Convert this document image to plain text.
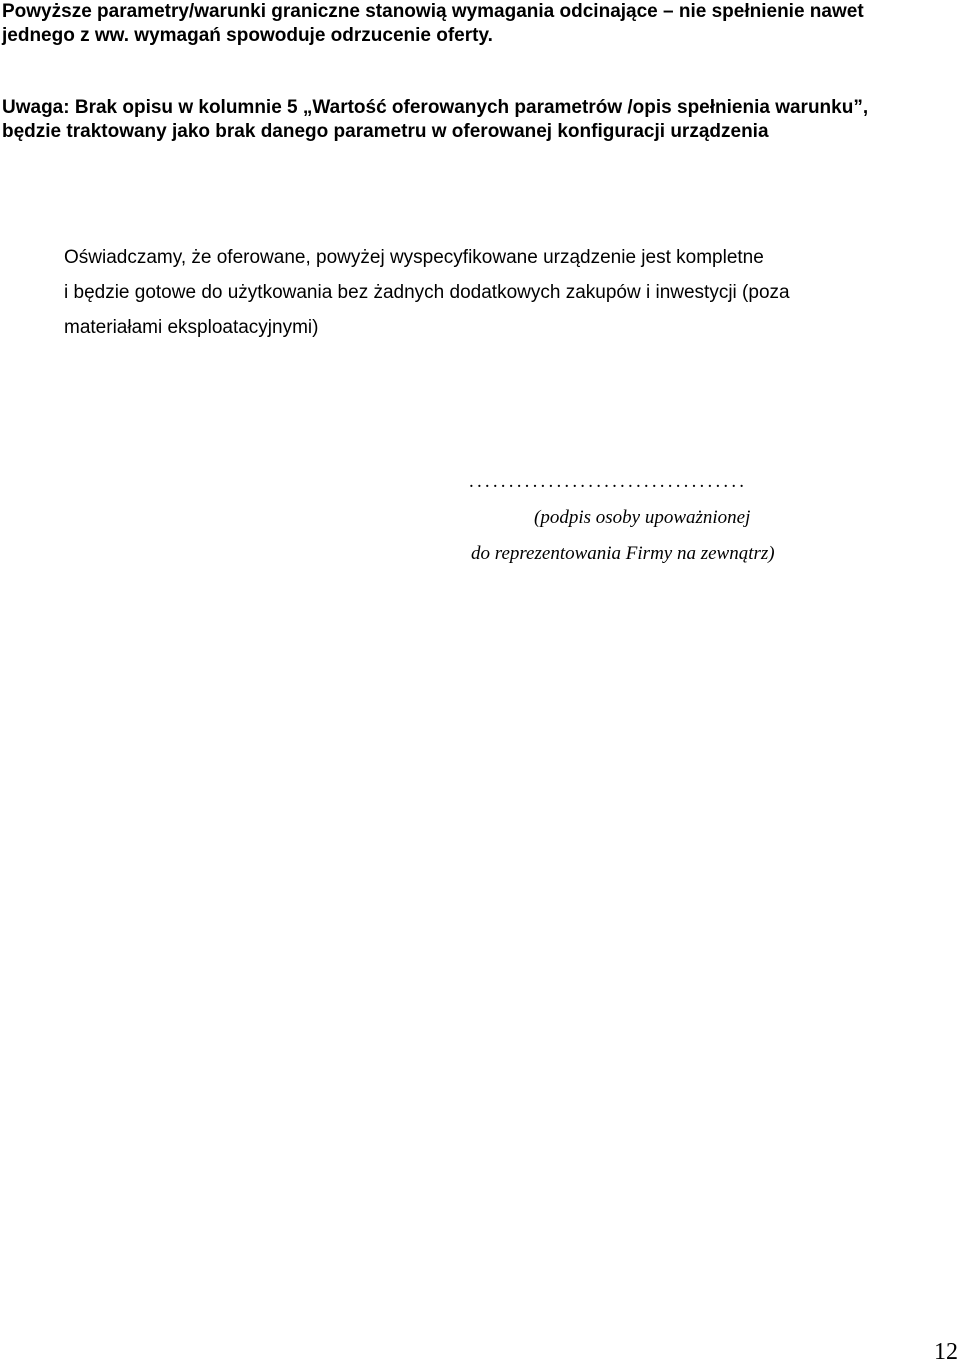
Powyższe parametry/warunki graniczne stanowią wymagania odcinające – nie spełnienie nawet
jednego z ww. wymagań spowoduje odrzucenie oferty.
Uwaga: Brak opisu w kolumnie 5 „Wartość oferowanych parametrów /opis spełnienia warunku”,
będzie traktowany jako brak danego parametru w oferowanej konfiguracji urządzenia
Oświadczamy, że oferowane, powyżej wyspecyfikowane urządzenie jest kompletne
i będzie gotowe do użytkowania bez żadnych dodatkowych zakupów i inwestycji (poza
materiałami eksploatacyjnymi)
...................................
(podpis osoby upoważnionej
do reprezentowania Firmy na zewnątrz)
12
